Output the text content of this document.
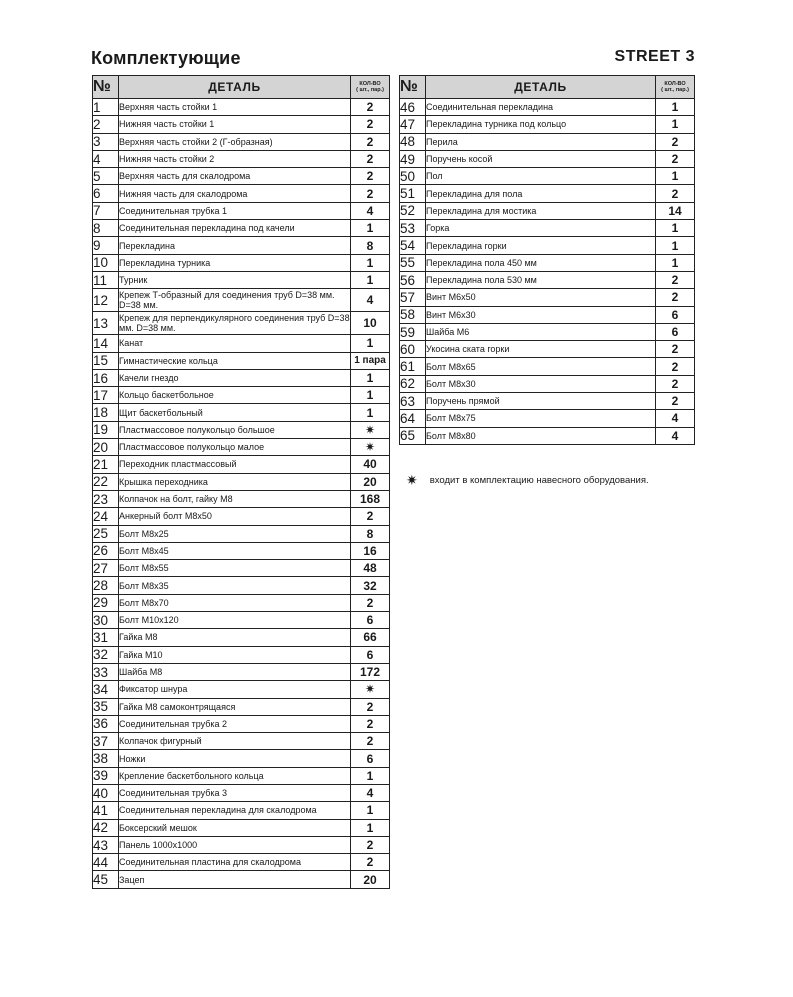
Комплектующие	STREET 3
№	ДЕТАЛЬ	КОЛ-ВО
( шт., пар.)
1	Верхняя часть стойки 1	2
2	Нижняя часть стойки 1	2
3	Верхняя часть стойки 2 (Г-образная)	2
4	Нижняя часть стойки 2	2
5	Верхняя часть для скалодрома	2
6	Нижняя часть для скалодрома	2
7	Соединительная трубка 1	4
8	Соединительная перекладина под качели	1
9	Перекладина	8
10	Перекладина турника	1
11	Турник	1
12	Крепеж Т-образный для соединения труб D=38 мм. D=38 мм.	4
13	Крепеж для перпендикулярного соединения труб D=38 мм. D=38 мм.	10
14	Канат	1
15	Гимнастические кольца	1 пара
16	Качели гнездо	1
17	Кольцо баскетбольное	1
18	Щит баскетбольный	1
19	Пластмассовое полукольцо большое	✷
20	Пластмассовое полукольцо малое	✷
21	Переходник пластмассовый	40
22	Крышка переходника	20
23	Колпачок на болт, гайку М8	168
24	Анкерный болт М8х50	2
25	Болт М8х25	8
26	Болт М8х45	16
27	Болт М8х55	48
28	Болт М8х35	32
29	Болт М8х70	2
30	Болт М10х120	6
31	Гайка М8	66
32	Гайка М10	6
33	Шайба М8	172
34	Фиксатор шнура	✷
35	Гайка М8 самоконтрящаяся	2
36	Соединительная трубка 2	2
37	Колпачок фигурный	2
38	Ножки	6
39	Крепление баскетбольного кольца	1
40	Соединительная трубка 3	4
41	Соединительная перекладина для скалодрома	1
42	Боксерский мешок	1
43	Панель 1000х1000	2
44	Соединительная пластина для скалодрома	2
45	Зацеп	20
№	ДЕТАЛЬ	КОЛ-ВО
( шт., пар.)
46	Соединительная перекладина	1
47	Перекладина турника под кольцо	1
48	Перила	2
49	Поручень косой	2
50	Пол	1
51	Перекладина для пола	2
52	Перекладина для мостика	14
53	Горка	1
54	Перекладина горки	1
55	Перекладина пола 450 мм	1
56	Перекладина пола 530 мм	2
57	Винт М6х50	2
58	Винт М6х30	6
59	Шайба М6	6
60	Укосина ската горки	2
61	Болт М8х65	2
62	Болт М8х30	2
63	Поручень прямой	2
64	Болт М8х75	4
65	Болт М8х80	4
✷ входит в комплектацию навесного оборудования.
